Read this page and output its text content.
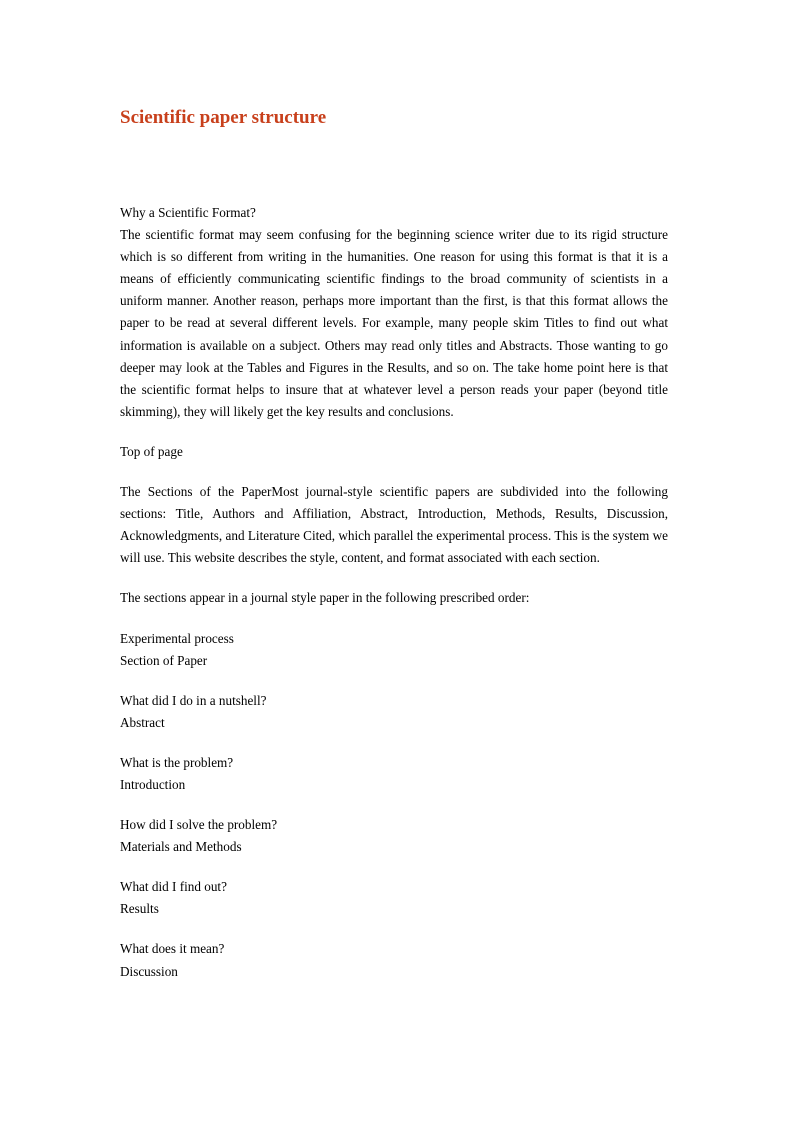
Scientific paper structure

Why a Scientific Format?

The scientific format may seem confusing for the beginning science writer due to its rigid structure which is so different from writing in the humanities. One reason for using this format is that it is a means of efficiently communicating scientific findings to the broad community of scientists in a uniform manner. Another reason, perhaps more important than the first, is that this format allows the paper to be read at several different levels. For example, many people skim Titles to find out what information is available on a subject. Others may read only titles and Abstracts. Those wanting to go deeper may look at the Tables and Figures in the Results, and so on. The take home point here is that the scientific format helps to insure that at whatever level a person reads your paper (beyond title skimming), they will likely get the key results and conclusions.

Top of page

The Sections of the PaperMost journal-style scientific papers are subdivided into the following sections: Title, Authors and Affiliation, Abstract, Introduction, Methods, Results, Discussion, Acknowledgments, and Literature Cited, which parallel the experimental process. This is the system we will use. This website describes the style, content, and format associated with each section.

The sections appear in a journal style paper in the following prescribed order:

Experimental process
Section of Paper

What did I do in a nutshell?
Abstract

What is the problem?
Introduction

How did I solve the problem?
Materials and Methods

What did I find out?
Results

What does it mean?
Discussion
